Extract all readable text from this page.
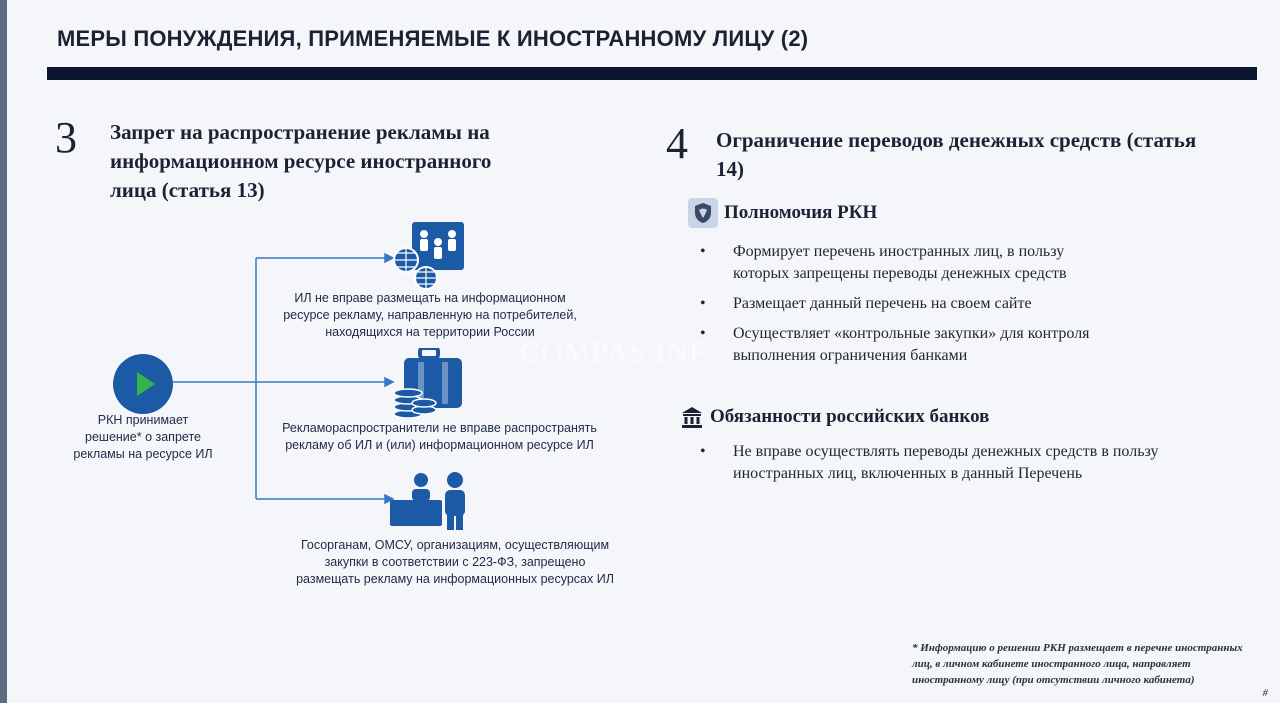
МЕРЫ ПОНУЖДЕНИЯ, ПРИМЕНЯЕМЫЕ К ИНОСТРАННОМУ ЛИЦУ (2)
3 Запрет на распространение рекламы на
информационном ресурсе иностранного
лица (статья 13)
РКН принимает
решение* о запрете
рекламы на ресурсе ИЛ
ИЛ не вправе размещать на информационном
ресурсе рекламу, направленную на потребителей,
находящихся на территории России
Рекламораспространители не вправе распространять
рекламу об ИЛ и (или) информационном ресурсе ИЛ
Госорганам, ОМСУ, организациям, осуществляющим
закупки в соответствии с 223-ФЗ, запрещено
размещать рекламу на информационных ресурсах ИЛ
COMPAS.INF
4 Ограничение переводов денежных средств (статья
14)
Полномочия РКН
• Формирует перечень иностранных лиц, в пользу
которых запрещены переводы денежных средств
• Размещает данный перечень на своем сайте
• Осуществляет «контрольные закупки» для контроля
выполнения ограничения банками
Обязанности российских банков
• Не вправе осуществлять переводы денежных средств в пользу
иностранных лиц, включенных в данный Перечень
* Информацию о решении РКН размещает в перечне иностранных лиц, в личном кабинете иностранного лица, направляет иностранному лицу (при отсутствии личного кабинета)
#
